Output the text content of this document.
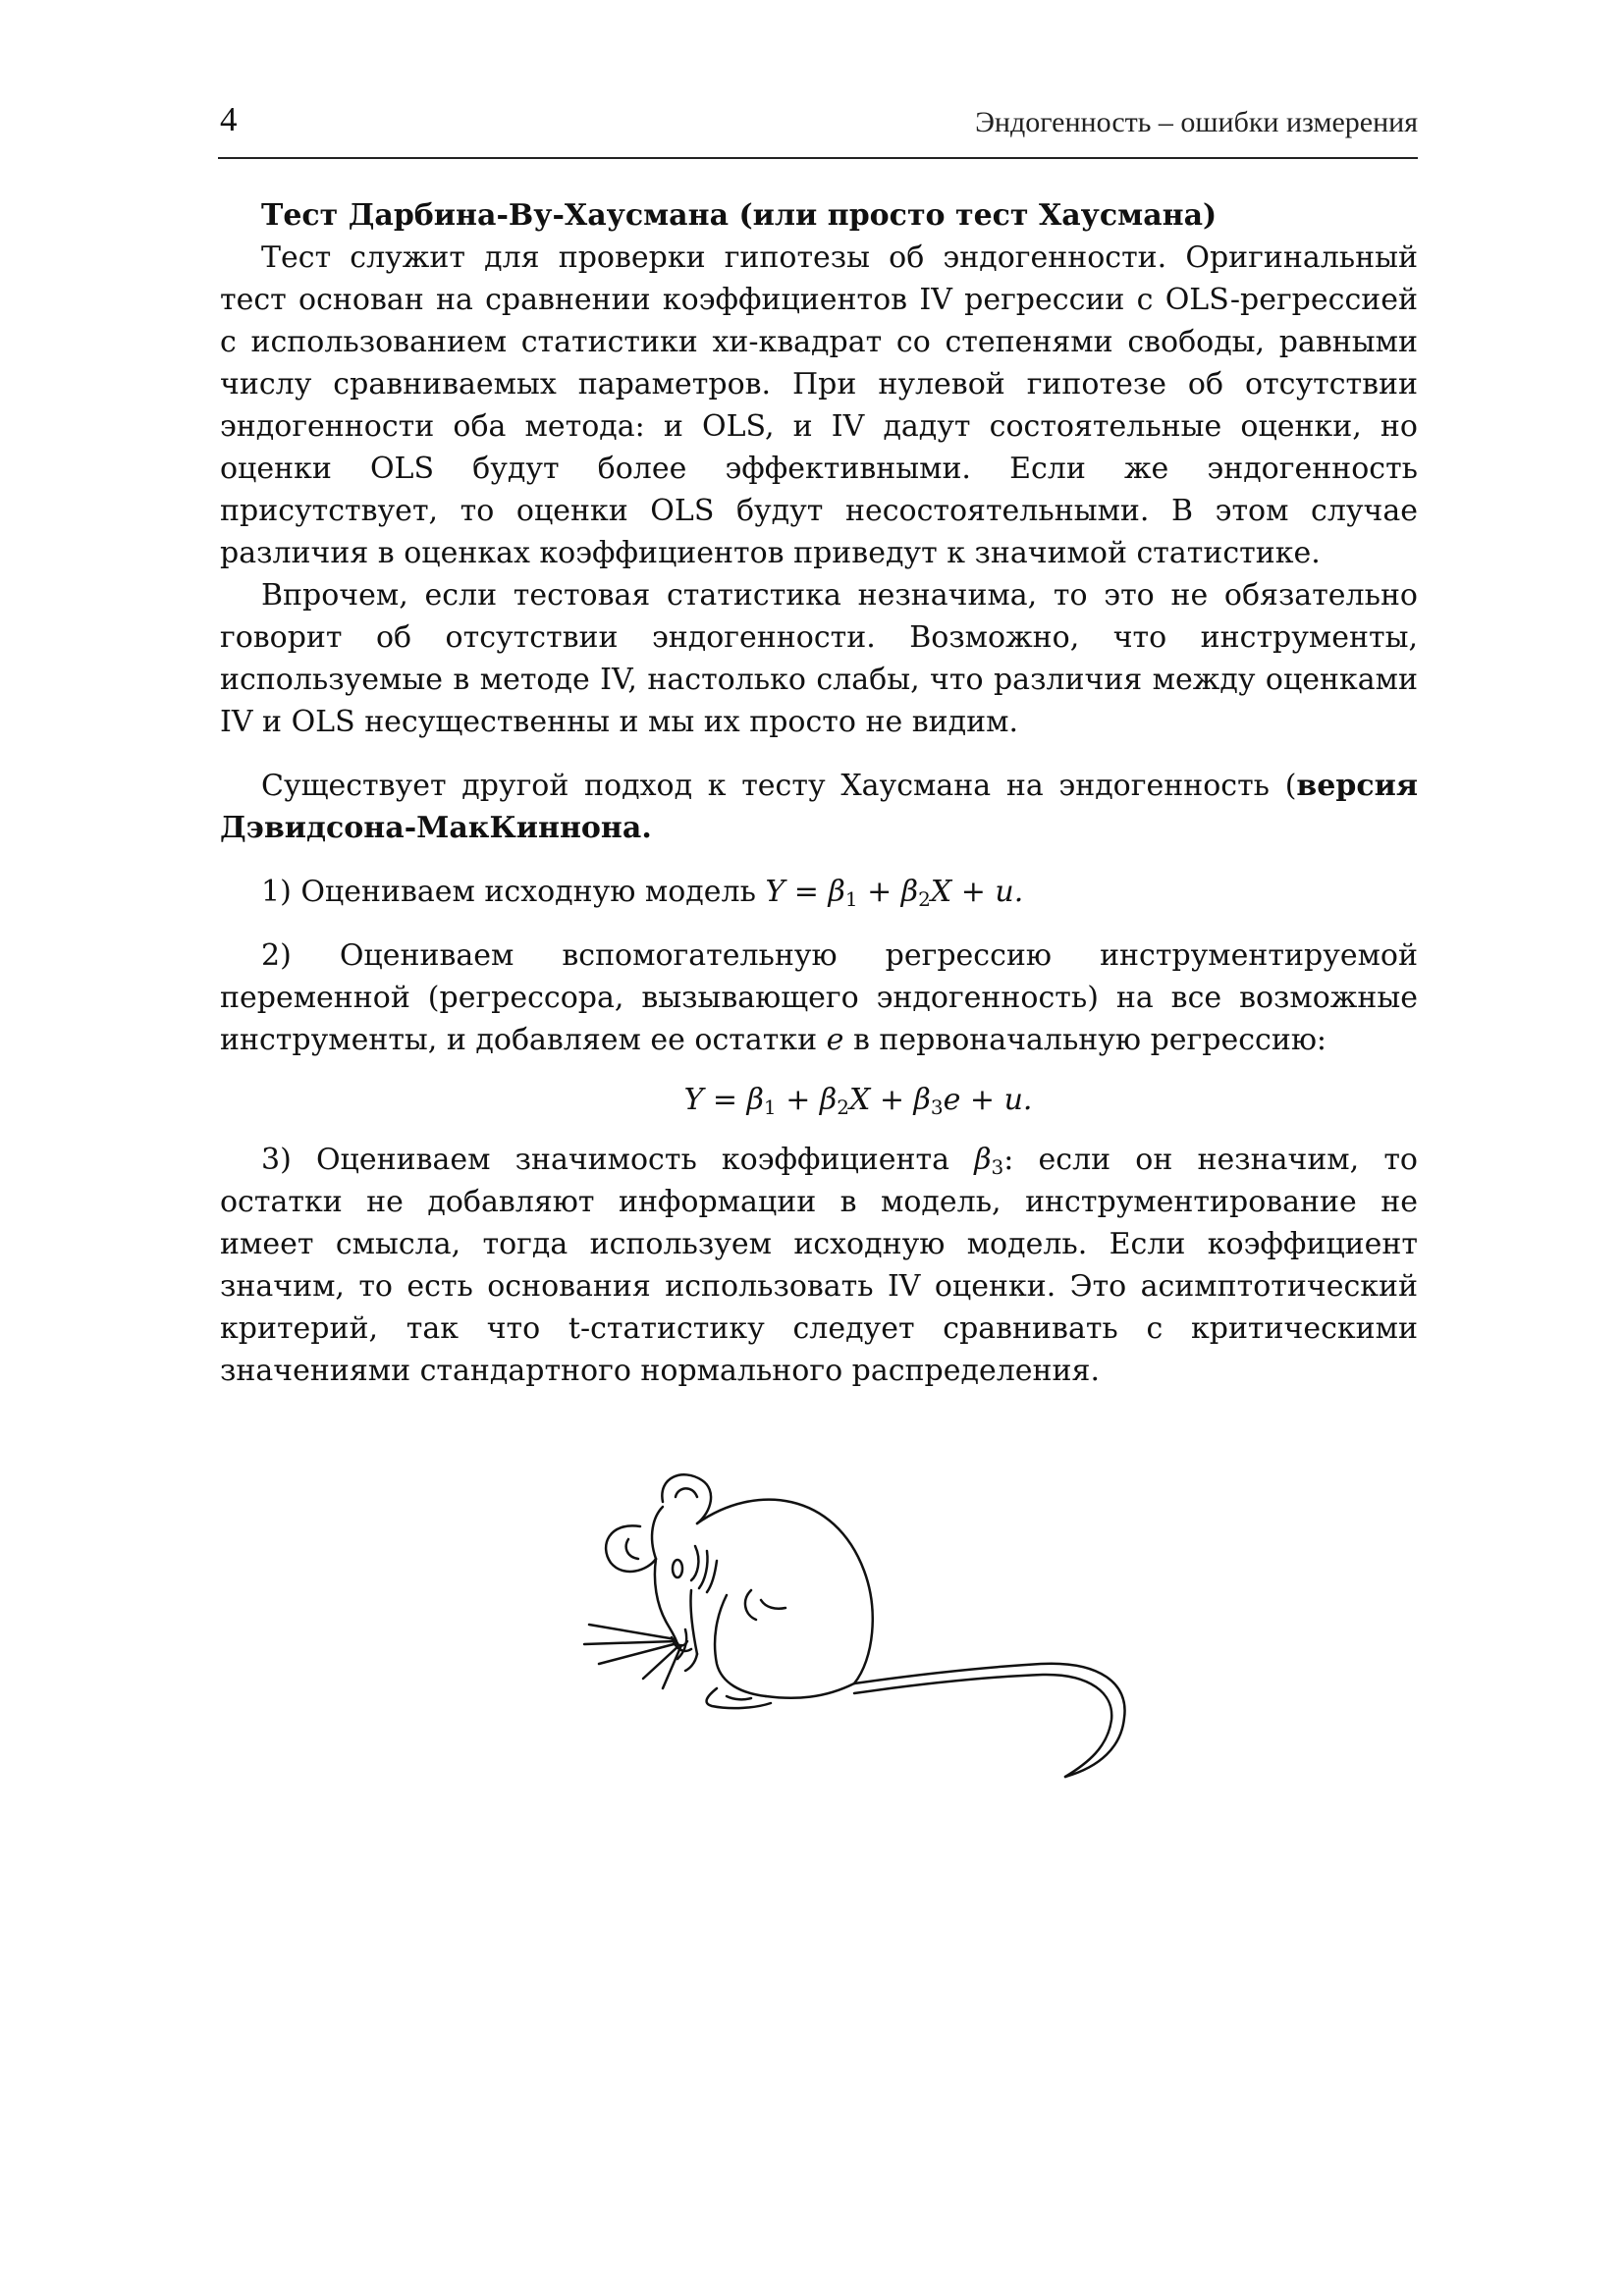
4	Эндогенность – ошибки измерения

Тест Дарбина-Ву-Хаусмана (или просто тест Хаусмана)

Тест служит для проверки гипотезы об эндогенности. Оригинальный тест основан на сравнении коэффициентов IV регрессии с OLS-регрессией с использованием статистики хи-квадрат со степенями свободы, равными числу сравниваемых параметров. При нулевой гипотезе об отсутствии эндогенности оба метода: и OLS, и IV дадут состоятельные оценки, но оценки OLS будут более эффективными. Если же эндогенность присутствует, то оценки OLS будут несостоятельными. В этом случае различия в оценках коэффициентов приведут к значимой статистике.

Впрочем, если тестовая статистика незначима, то это не обязательно говорит об отсутствии эндогенности. Возможно, что инструменты, используемые в методе IV, настолько слабы, что различия между оценками IV и OLS несущественны и мы их просто не видим.

Существует другой подход к тесту Хаусмана на эндогенность (версия Дэвидсона-МакКиннона.

1) Оцениваем исходную модель $Y = \beta_1 + \beta_2X + u$.

2) Оцениваем вспомогательную регрессию инструментируемой переменной (регрессора, вызывающего эндогенность) на все возможные инструменты, и добавляем ее остатки e в первоначальную регрессию:

$Y = \beta_1 + \beta_2X + \beta_3e + u$.

3) Оцениваем значимость коэффициента $\beta_3$: если он незначим, то остатки не добавляют информации в модель, инструментирование не имеет смысла, тогда используем исходную модель. Если коэффициент значим, то есть основания использовать IV оценки. Это асимптотический критерий, так что t-статистику следует сравнивать с критическими значениями стандартного нормального распределения.
